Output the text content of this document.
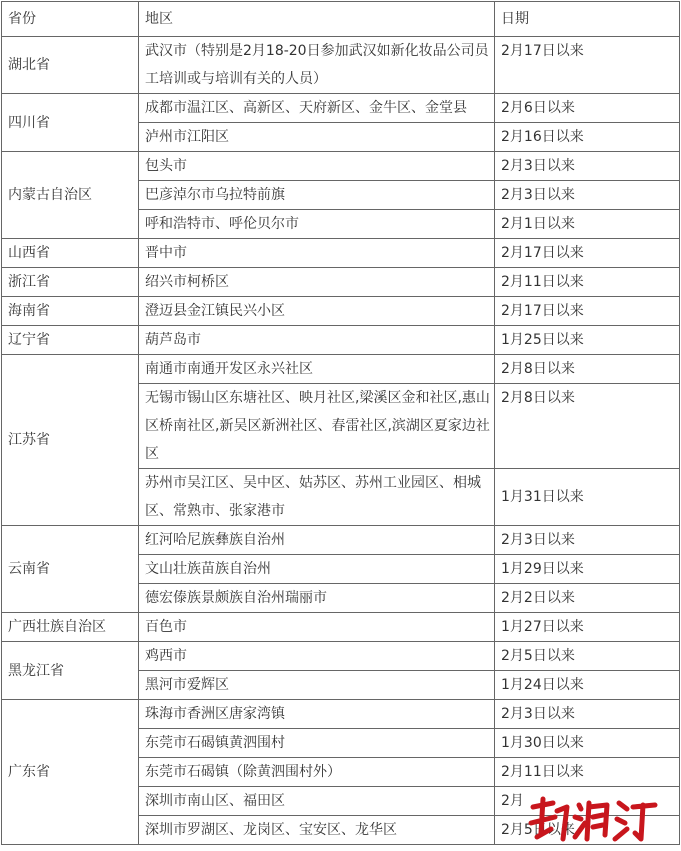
省份	地区	日期
湖北省	武汉市（特别是2月18-20日参加武汉如新化妆品公司员工培训或与培训有关的人员）	2月17日以来
四川省	成都市温江区、高新区、天府新区、金牛区、金堂县	2月6日以来
	泸州市江阳区	2月16日以来
内蒙古自治区	包头市	2月3日以来
	巴彦淖尔市乌拉特前旗	2月3日以来
	呼和浩特市、呼伦贝尔市	2月1日以来
山西省	晋中市	2月17日以来
浙江省	绍兴市柯桥区	2月11日以来
海南省	澄迈县金江镇民兴小区	2月17日以来
辽宁省	葫芦岛市	1月25日以来
江苏省	南通市南通开发区永兴社区	2月8日以来
	无锡市锡山区东塘社区、映月社区,梁溪区金和社区,惠山区桥南社区,新吴区新洲社区、春雷社区,滨湖区夏家边社区	2月8日以来
	苏州市吴江区、吴中区、姑苏区、苏州工业园区、相城区、常熟市、张家港市	1月31日以来
云南省	红河哈尼族彝族自治州	2月3日以来
	文山壮族苗族自治州	1月29日以来
	德宏傣族景颇族自治州瑞丽市	2月2日以来
广西壮族自治区	百色市	1月27日以来
黑龙江省	鸡西市	2月5日以来
	黑河市爱辉区	1月24日以来
广东省	珠海市香洲区唐家湾镇	2月3日以来
	东莞市石碣镇黄泗围村	1月30日以来
	东莞市石碣镇（除黄泗围村外）	2月11日以来
	深圳市南山区、福田区	2月
	深圳市罗湖区、龙岗区、宝安区、龙华区	2月5日以来
